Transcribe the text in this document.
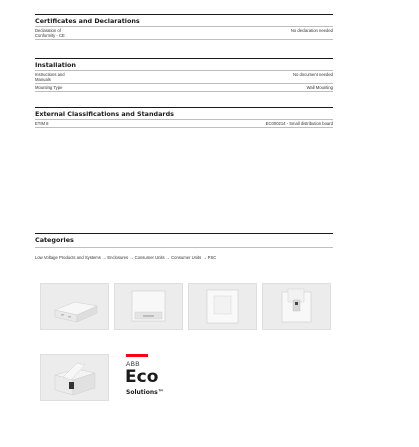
Certificates and Declarations
Declaration of Conformity - CE
No declaration needed
Installation
Instructions and Manuals
No document needed
Mounting Type	Wall Mounting
External Classifications and Standards
ETIM 8	EC000214 - Small distribution board
Categories
Low Voltage Products and Systems → Enclosures → Consumer Units → Consumer Units → PSC
ABB
Eco
Solutions™
